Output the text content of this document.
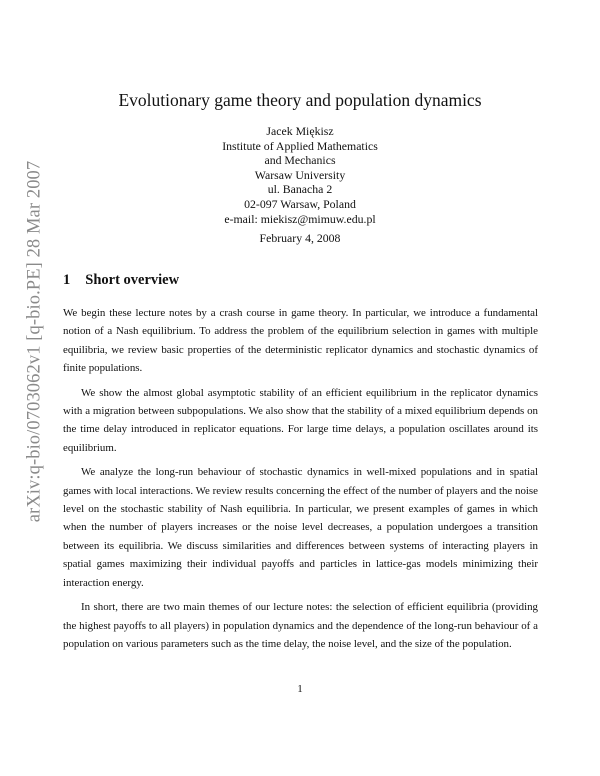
arXiv:q-bio/0703062v1 [q-bio.PE] 28 Mar 2007
Evolutionary game theory and population dynamics
Jacek Miękisz
Institute of Applied Mathematics
and Mechanics
Warsaw University
ul. Banacha 2
02-097 Warsaw, Poland
e-mail: miekisz@mimuw.edu.pl
February 4, 2008
1 Short overview

We begin these lecture notes by a crash course in game theory. In particular, we introduce a fundamental notion of a Nash equilibrium. To address the problem of the equilibrium selection in games with multiple equilibria, we review basic properties of the deterministic replicator dynamics and stochastic dynamics of finite populations.

We show the almost global asymptotic stability of an efficient equilibrium in the replicator dynamics with a migration between subpopulations. We also show that the stability of a mixed equilibrium depends on the time delay introduced in replicator equations. For large time delays, a population oscillates around its equilibrium.

We analyze the long-run behaviour of stochastic dynamics in well-mixed populations and in spatial games with local interactions. We review results concerning the effect of the number of players and the noise level on the stochastic stability of Nash equilibria. In particular, we present examples of games in which when the number of players increases or the noise level decreases, a population undergoes a transition between its equilibria. We discuss similarities and differences between systems of interacting players in spatial games maximizing their individual payoffs and particles in lattice-gas models minimizing their interaction energy.

In short, there are two main themes of our lecture notes: the selection of efficient equilibria (providing the highest payoffs to all players) in population dynamics and the dependence of the long-run behaviour of a population on various parameters such as the time delay, the noise level, and the size of the population.

1
